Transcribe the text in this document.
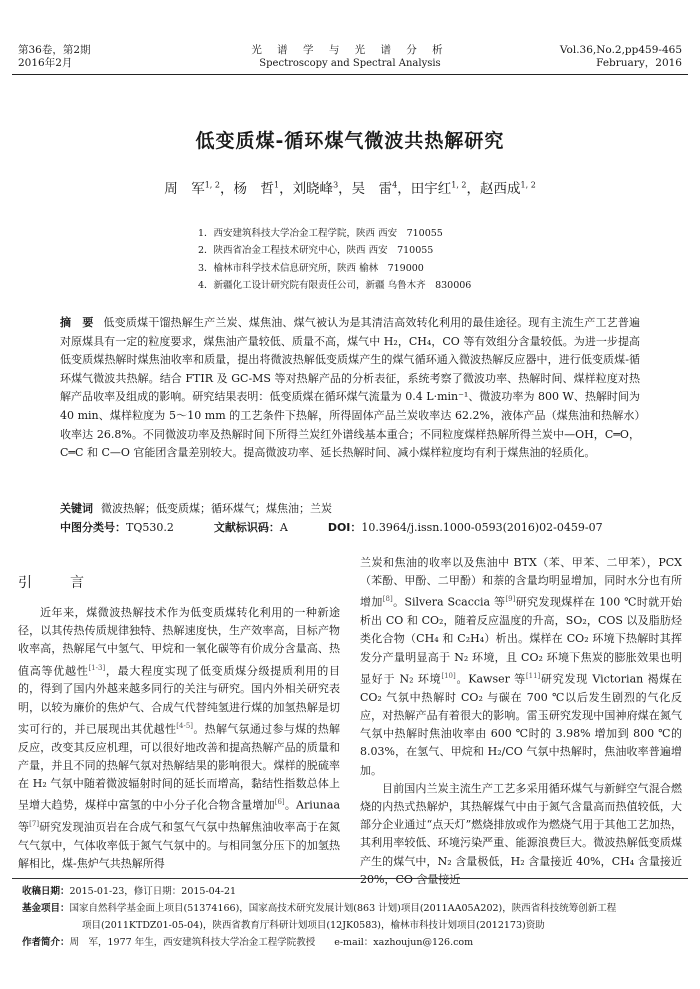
第36卷，第2期
2016年2月
光 谱 学 与 光 谱 分 析
Spectroscopy and Spectral Analysis
Vol.36,No.2,pp459-465
February，2016
低变质煤-循环煤气微波共热解研究
周　军$^{1, 2}$，杨　哲$^1$，刘晓峰$^3$，吴　雷$^4$，田宇红$^{1, 2}$，赵西成$^{1, 2}$
1．西安建筑科技大学冶金工程学院，陕西 西安　710055
2．陕西省冶金工程技术研究中心，陕西 西安　710055
3．榆林市科学技术信息研究所，陕西 榆林　719000
4．新疆化工设计研究院有限责任公司，新疆 乌鲁木齐　830006
摘　要 低变质煤干馏热解生产兰炭、煤焦油、煤气被认为是其清洁高效转化利用的最佳途径。现有主流生产工艺普遍对原煤具有一定的粒度要求，煤焦油产量较低、质量不高，煤气中 H₂，CH₄，CO 等有效组分含量较低。为进一步提高低变质煤热解时煤焦油收率和质量，提出将微波热解低变质煤产生的煤气循环通入微波热解反应器中，进行低变质煤-循环煤气微波共热解。结合 FTIR 及 GC-MS 等对热解产品的分析表征，系统考察了微波功率、热解时间、煤样粒度对热解产品收率及组成的影响。研究结果表明：低变质煤在循环煤气流量为 0.4 L·min⁻¹、微波功率为 800 W、热解时间为 40 min、煤样粒度为 5～10 mm 的工艺条件下热解，所得固体产品兰炭收率达 62.2%，液体产品（煤焦油和热解水）收率达 26.8%。不同微波功率及热解时间下所得兰炭红外谱线基本重合；不同粒度煤样热解所得兰炭中—OH，C═O，C═C 和 C—O 官能团含量差别较大。提高微波功率、延长热解时间、减小煤样粒度均有利于煤焦油的轻质化。
关键词 微波热解；低变质煤；循环煤气；煤焦油；兰炭
中图分类号：TQ530.2	文献标识码：A	DOI：10.3964/j.issn.1000-0593(2016)02-0459-07
引　言

近年来，煤微波热解技术作为低变质煤转化利用的一种新途径，以其传热传质规律独特、热解速度快，生产效率高，目标产物收率高，热解尾气中氢气、甲烷和一氧化碳等有价成分含量高、热值高等优越性[1-3]，最大程度实现了低变质煤分级提质利用的目的，得到了国内外越来越多同行的关注与研究。国内外相关研究表明，以较为廉价的焦炉气、合成气代替纯氢进行煤的加氢热解是切实可行的，并已展现出其优越性[4-5]。热解气氛通过参与煤的热解反应，改变其反应机理，可以很好地改善和提高热解产品的质量和产量，并且不同的热解气氛对热解结果的影响很大。煤样的脱硫率在 H₂ 气氛中随着微波辐射时间的延长而增高，黏结性指数总体上呈增大趋势，煤样中富氢的中小分子化合物含量增加[6]。Ariunaa 等[7]研究发现油页岩在合成气和氢气气氛中热解焦油收率高于在氮气气氛中，气体收率低于氮气气氛中的。与相同氢分压下的加氢热解相比，煤-焦炉气共热解所得

兰炭和焦油的收率以及焦油中 BTX（苯、甲苯、二甲苯），PCX（苯酚、甲酚、二甲酚）和萘的含量均明显增加，同时水分也有所增加[8]。Silvera Scaccia 等[9]研究发现煤样在 100 ℃时就开始析出 CO 和 CO₂，随着反应温度的升高，SO₂，COS 以及脂肪烃类化合物（CH₄ 和 C₂H₄）析出。煤样在 CO₂ 环境下热解时其挥发分产量明显高于 N₂ 环境，且 CO₂ 环境下焦炭的膨胀效果也明显好于 N₂ 环境[10]。Kawser 等[11]研究发现 Victorian 褐煤在 CO₂ 气氛中热解时 CO₂ 与碳在 700 ℃以后发生剧烈的气化反应，对热解产品有着很大的影响。雷玉研究发现中国神府煤在氮气气氛中热解时焦油收率由 600 ℃时的 3.98% 增加到 800 ℃的 8.03%，在氢气、甲烷和 H₂/CO 气氛中热解时，焦油收率普遍增加。

目前国内兰炭主流生产工艺多采用循环煤气与新鲜空气混合燃烧的内热式热解炉，其热解煤气中由于氮气含量高而热值较低，大部分企业通过“点天灯”燃烧排放或作为燃烧气用于其他工艺加热，其利用率较低、环境污染严重、能源浪费巨大。微波热解低变质煤产生的煤气中，N₂ 含量极低，H₂ 含量接近 40%，CH₄ 含量接近 20%，CO 含量接近

收稿日期：2015-01-23，修订日期：2015-04-21
基金项目：国家自然科学基金面上项目(51374166)，国家高技术研究发展计划(863 计划)项目(2011AA05A202)，陕西省科技统筹创新工程
项目(2011KTDZ01-05-04)，陕西省教育厅科研计划项目(12JK0583)，榆林市科技计划项目(2012173)资助
作者简介：周　军，1977 年生，西安建筑科技大学冶金工程学院教授　　e-mail：xazhoujun@126.com
